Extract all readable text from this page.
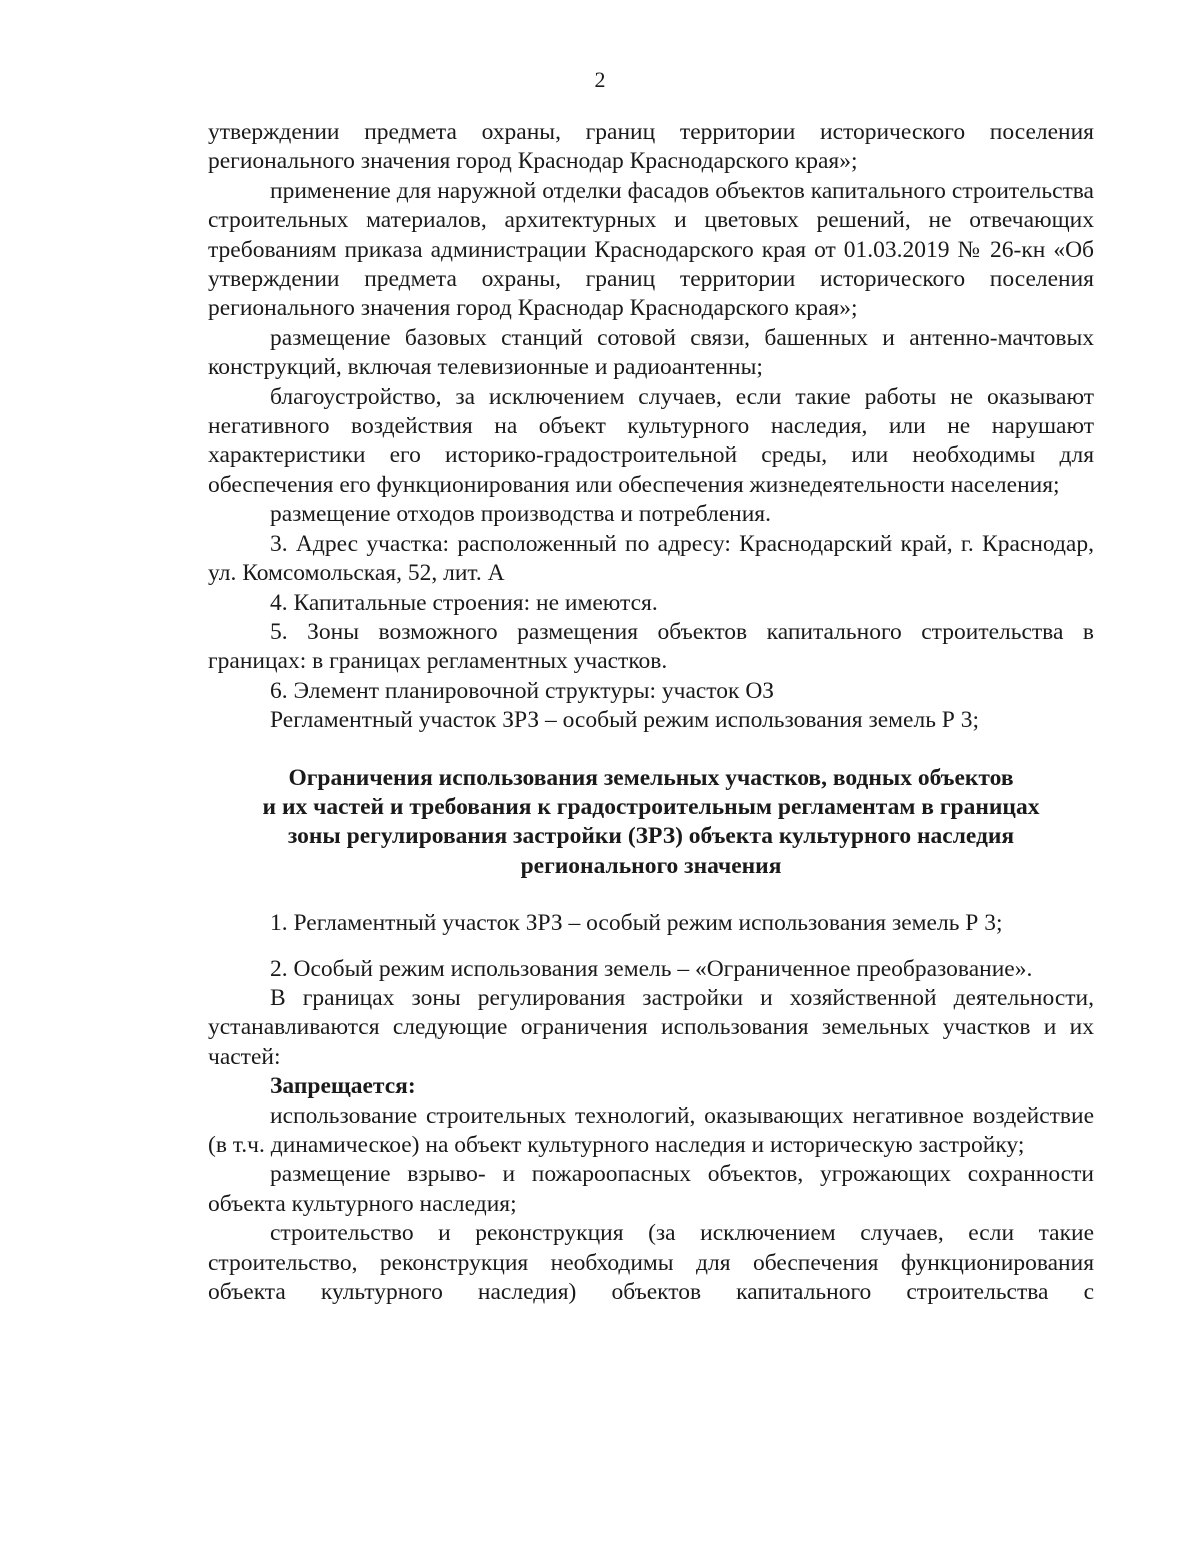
2

утверждении предмета охраны, границ территории исторического поселения регионального значения город Краснодар Краснодарского края»;

применение для наружной отделки фасадов объектов капитального строительства строительных материалов, архитектурных и цветовых решений, не отвечающих требованиям приказа администрации Краснодарского края от 01.03.2019 № 26-кн «Об утверждении предмета охраны, границ территории исторического поселения регионального значения город Краснодар Краснодарского края»;

размещение базовых станций сотовой связи, башенных и антенно-мачтовых конструкций, включая телевизионные и радиоантенны;

благоустройство, за исключением случаев, если такие работы не оказывают негативного воздействия на объект культурного наследия, или не нарушают характеристики его историко-градостроительной среды, или необходимы для обеспечения его функционирования или обеспечения жизнедеятельности населения;

размещение отходов производства и потребления.

3. Адрес участка: расположенный по адресу: Краснодарский край, г. Краснодар, ул. Комсомольская, 52, лит. А

4. Капитальные строения: не имеются.

5. Зоны возможного размещения объектов капитального строительства в границах: в границах регламентных участков.

6. Элемент планировочной структуры: участок ОЗ

Регламентный участок ЗРЗ – особый режим использования земель Р 3;

Ограничения использования земельных участков, водных объектов
и их частей и требования к градостроительным регламентам в границах
зоны регулирования застройки (ЗРЗ) объекта культурного наследия
регионального значения

1. Регламентный участок ЗРЗ – особый режим использования земель Р 3;

2. Особый режим использования земель – «Ограниченное преобразование».

В границах зоны регулирования застройки и хозяйственной деятельности, устанавливаются следующие ограничения использования земельных участков и их частей:

Запрещается:

использование строительных технологий, оказывающих негативное воздействие (в т.ч. динамическое) на объект культурного наследия и историческую застройку;

размещение взрыво- и пожароопасных объектов, угрожающих сохранности объекта культурного наследия;

строительство и реконструкция (за исключением случаев, если такие строительство, реконструкция необходимы для обеспечения функционирования объекта культурного наследия) объектов капитального строительства с
